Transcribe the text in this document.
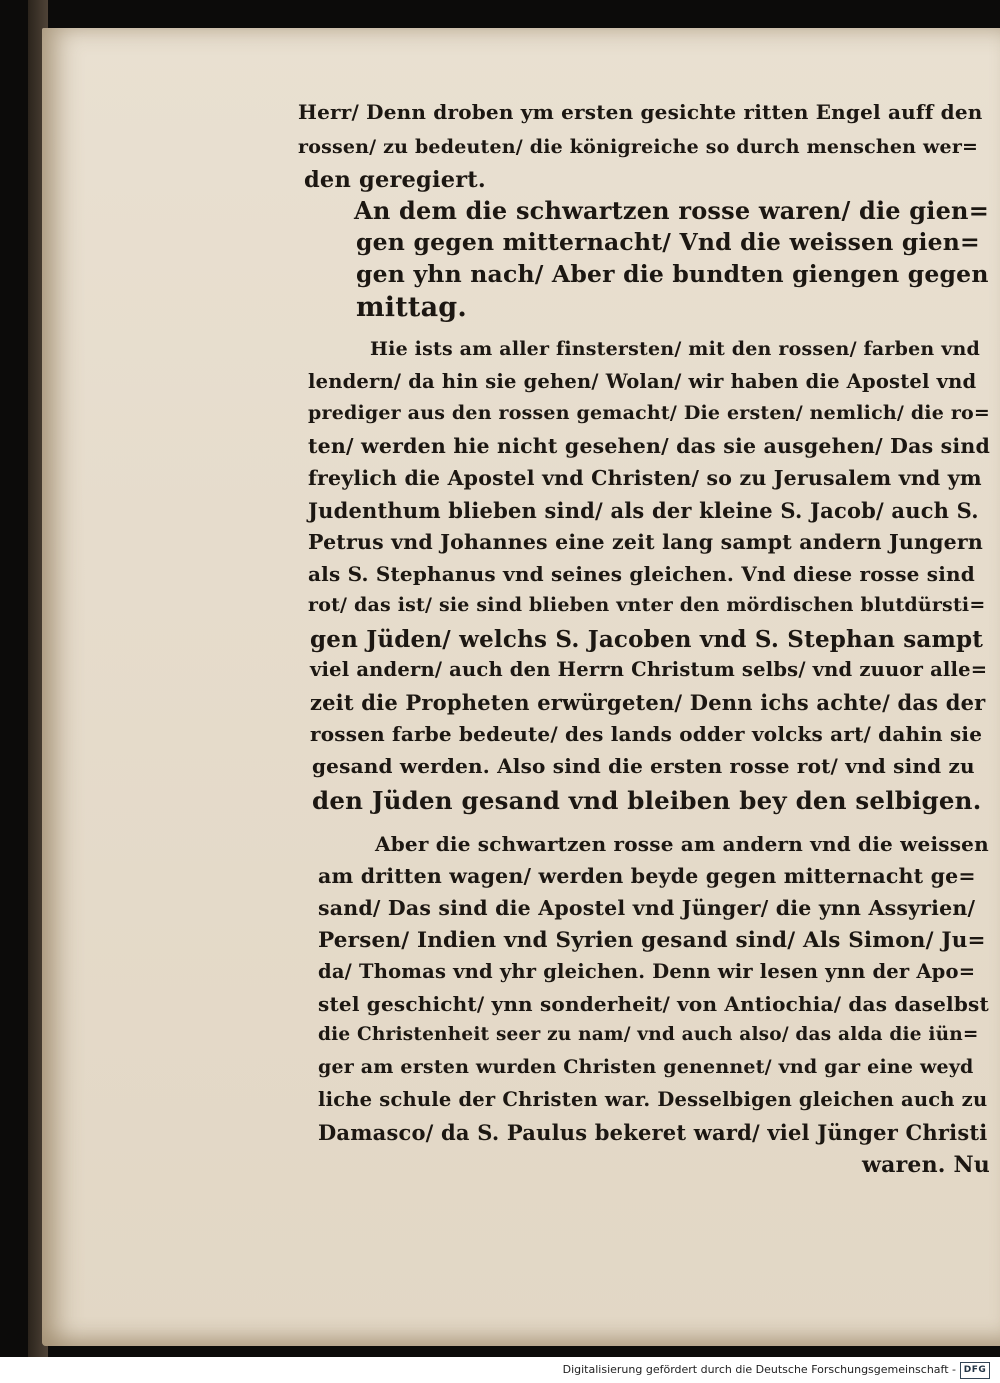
Herr/ Denn droben ym ersten gesichte ritten Engel auff den
rossen/ zu bedeuten/ die königreiche so durch menschen wer=
den geregiert.
An dem die schwartzen rosse waren/ die gien=
gen gegen mitternacht/ Vnd die weissen gien=
gen yhn nach/ Aber die bundten giengen gegen
mittag.
Hie ists am aller finstersten/ mit den rossen/ farben vnd
lendern/ da hin sie gehen/ Wolan/ wir haben die Apostel vnd
prediger aus den rossen gemacht/ Die ersten/ nemlich/ die ro=
ten/ werden hie nicht gesehen/ das sie ausgehen/ Das sind
freylich die Apostel vnd Christen/ so zu Jerusalem vnd ym
Judenthum blieben sind/ als der kleine S. Jacob/ auch S.
Petrus vnd Johannes eine zeit lang sampt andern Jungern
als S. Stephanus vnd seines gleichen. Vnd diese rosse sind
rot/ das ist/ sie sind blieben vnter den mördischen blutdürsti=
gen Jüden/ welchs S. Jacoben vnd S. Stephan sampt
viel andern/ auch den Herrn Christum selbs/ vnd zuuor alle=
zeit die Propheten erwürgeten/ Denn ichs achte/ das der
rossen farbe bedeute/ des lands odder volcks art/ dahin sie
gesand werden. Also sind die ersten rosse rot/ vnd sind zu
den Jüden gesand vnd bleiben bey den selbigen.
Aber die schwartzen rosse am andern vnd die weissen
am dritten wagen/ werden beyde gegen mitternacht ge=
sand/ Das sind die Apostel vnd Jünger/ die ynn Assyrien/
Persen/ Indien vnd Syrien gesand sind/ Als Simon/ Ju=
da/ Thomas vnd yhr gleichen. Denn wir lesen ynn der Apo=
stel geschicht/ ynn sonderheit/ von Antiochia/ das daselbst
die Christenheit seer zu nam/ vnd auch also/ das alda die iün=
ger am ersten wurden Christen genennet/ vnd gar eine weyd
liche schule der Christen war. Desselbigen gleichen auch zu
Damasco/ da S. Paulus bekeret ward/ viel Jünger Christi
waren. Nu
Digitalisierung gefördert durch die Deutsche Forschungsgemeinschaft - DFG
